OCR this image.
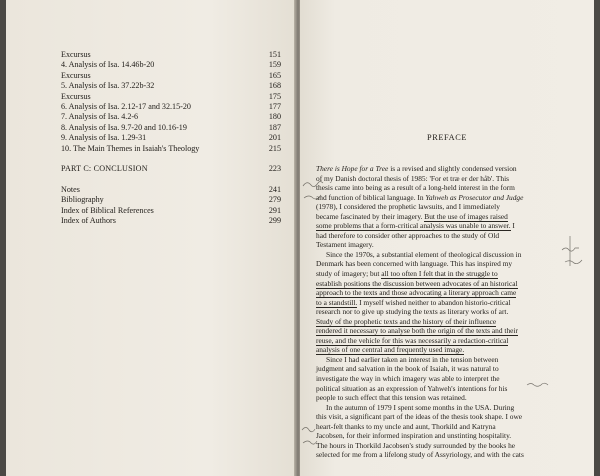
Excursus	151
4. Analysis of Isa. 14.46b-20	159
Excursus	165
5. Analysis of Isa. 37.22b-32	168
Excursus	175
6. Analysis of Isa. 2.12-17 and 32.15-20	177
7. Analysis of Isa. 4.2-6	180
8. Analysis of Isa. 9.7-20 and 10.16-19	187
9. Analysis of Isa. 1.29-31	201
10. The Main Themes in Isaiah's Theology	215
PART C: CONCLUSION	223
Notes	241
Bibliography	279
Index of Biblical References	291
Index of Authors	299
PREFACE
There is Hope for a Tree is a revised and slightly condensed version
of my Danish doctoral thesis of 1985: 'For et træ er der håb'. This
thesis came into being as a result of a long-held interest in the form
and function of biblical language. In Yahweh as Prosecutor and Judge
(1978), I considered the prophetic lawsuits, and I immediately
became fascinated by their imagery. But the use of images raised
some problems that a form-critical analysis was unable to answer. I
had therefore to consider other approaches to the study of Old
Testament imagery.
Since the 1970s, a substantial element of theological discussion in
Denmark has been concerned with language. This has inspired my
study of imagery; but all too often I felt that in the struggle to
establish positions the discussion between advocates of an historical
approach to the texts and those advocating a literary approach came
to a standstill. I myself wished neither to abandon historio-critical
research nor to give up studying the texts as literary works of art.
Study of the prophetic texts and the history of their influence
rendered it necessary to analyse both the origin of the texts and their
reuse, and the vehicle for this was necessarily a redaction-critical
analysis of one central and frequently used image.
Since I had earlier taken an interest in the tension between
judgment and salvation in the book of Isaiah, it was natural to
investigate the way in which imagery was able to interpret the
political situation as an expression of Yahweh's intentions for his
people to such effect that this tension was retained.
In the autumn of 1979 I spent some months in the USA. During
this visit, a significant part of the ideas of the thesis took shape. I owe
heart-felt thanks to my uncle and aunt, Thorkild and Katryna
Jacobsen, for their informed inspiration and unstinting hospitality.
The hours in Thorkild Jacobsen's study surrounded by the books he
selected for me from a lifelong study of Assyriology, and with the cats
